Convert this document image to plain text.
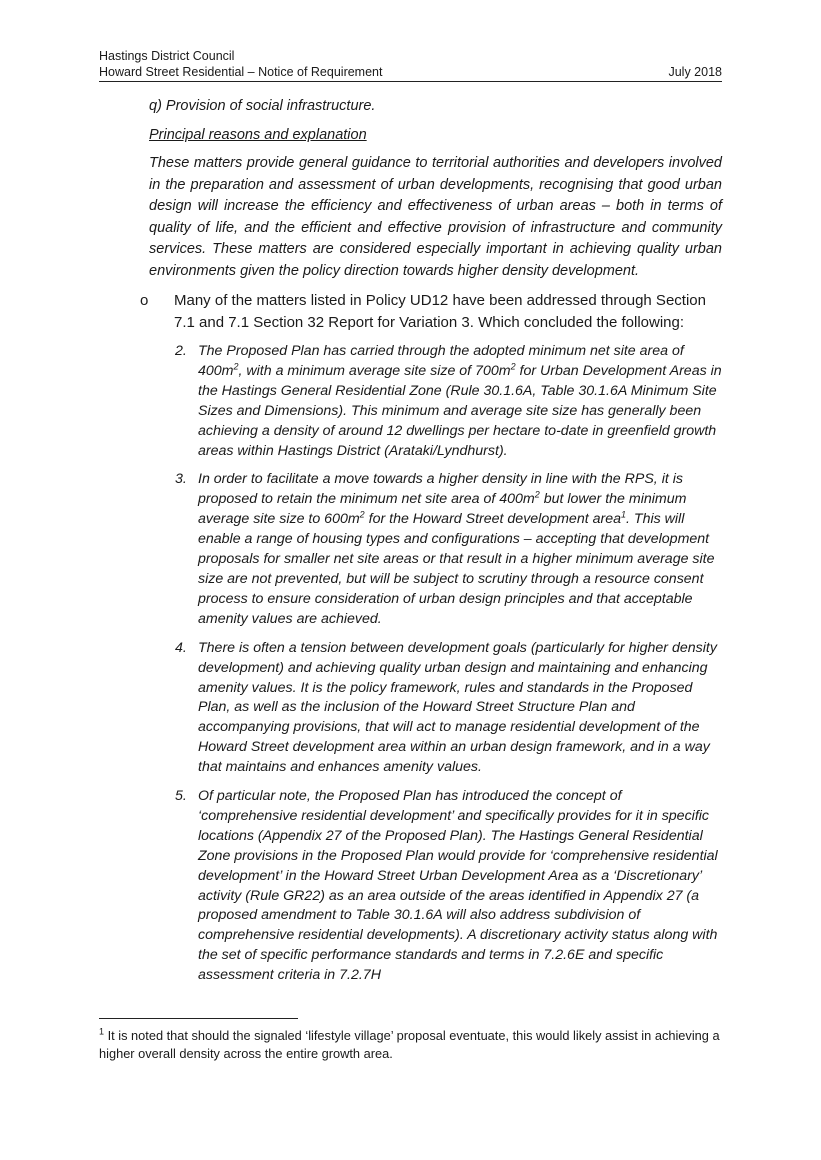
Hastings District Council
Howard Street Residential – Notice of Requirement	July 2018

q) Provision of social infrastructure.

Principal reasons and explanation

These matters provide general guidance to territorial authorities and developers involved in the preparation and assessment of urban developments, recognising that good urban design will increase the efficiency and effectiveness of urban areas – both in terms of quality of life, and the efficient and effective provision of infrastructure and community services. These matters are considered especially important in achieving quality urban environments given the policy direction towards higher density development.

o Many of the matters listed in Policy UD12 have been addressed through Section 7.1 and 7.1 Section 32 Report for Variation 3. Which concluded the following:
2. The Proposed Plan has carried through the adopted minimum net site area of $400m^2$, with a minimum average site size of $700m^2$ for Urban Development Areas in the Hastings General Residential Zone (Rule 30.1.6A, Table 30.1.6A Minimum Site Sizes and Dimensions). This minimum and average site size has generally been achieving a density of around 12 dwellings per hectare to-date in greenfield growth areas within Hastings District (Arataki/Lyndhurst).
3. In order to facilitate a move towards a higher density in line with the RPS, it is proposed to retain the minimum net site area of $400m^2$ but lower the minimum average site size to $600m^2$ for the Howard Street development area$^1$. This will enable a range of housing types and configurations – accepting that development proposals for smaller net site areas or that result in a higher minimum average site size are not prevented, but will be subject to scrutiny through a resource consent process to ensure consideration of urban design principles and that acceptable amenity values are achieved.
4. There is often a tension between development goals (particularly for higher density development) and achieving quality urban design and maintaining and enhancing amenity values. It is the policy framework, rules and standards in the Proposed Plan, as well as the inclusion of the Howard Street Structure Plan and accompanying provisions, that will act to manage residential development of the Howard Street development area within an urban design framework, and in a way that maintains and enhances amenity values.
5. Of particular note, the Proposed Plan has introduced the concept of ‘comprehensive residential development’ and specifically provides for it in specific locations (Appendix 27 of the Proposed Plan). The Hastings General Residential Zone provisions in the Proposed Plan would provide for ‘comprehensive residential development’ in the Howard Street Urban Development Area as a ‘Discretionary’ activity (Rule GR22) as an area outside of the areas identified in Appendix 27 (a proposed amendment to Table 30.1.6A will also address subdivision of comprehensive residential developments). A discretionary activity status along with the set of specific performance standards and terms in 7.2.6E and specific assessment criteria in 7.2.7H
$^1$ It is noted that should the signaled ‘lifestyle village’ proposal eventuate, this would likely assist in achieving a higher overall density across the entire growth area.
